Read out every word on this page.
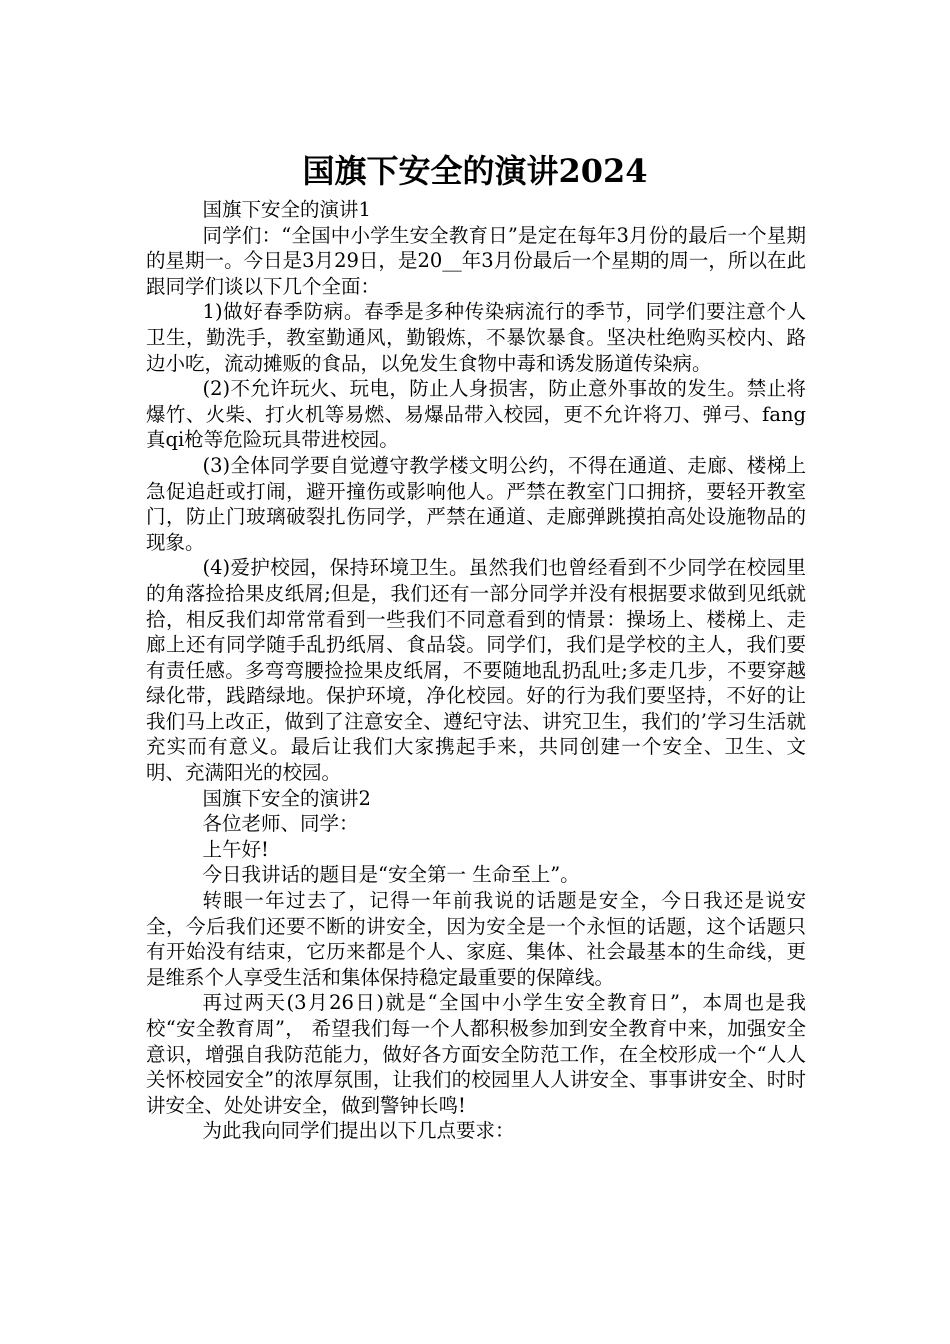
国旗下安全的演讲2024

国旗下安全的演讲1

同学们：“全国中小学生安全教育日”是定在每年3月份的最后一个星期的星期一。今日是3月29日，是20__年3月份最后一个星期的周一，所以在此跟同学们谈以下几个全面：

1)做好春季防病。春季是多种传染病流行的季节，同学们要注意个人卫生，勤洗手，教室勤通风，勤锻炼，不暴饮暴食。坚决杜绝购买校内、路边小吃，流动摊贩的食品，以免发生食物中毒和诱发肠道传染病。

(2)不允许玩火、玩电，防止人身损害，防止意外事故的发生。禁止将爆竹、火柴、打火机等易燃、易爆品带入校园，更不允许将刀、弹弓、fang真qi枪等危险玩具带进校园。

(3)全体同学要自觉遵守教学楼文明公约，不得在通道、走廊、楼梯上急促追赶或打闹，避开撞伤或影响他人。严禁在教室门口拥挤，要轻开教室门，防止门玻璃破裂扎伤同学，严禁在通道、走廊弹跳摸拍高处设施物品的现象。

(4)爱护校园，保持环境卫生。虽然我们也曾经看到不少同学在校园里的角落捡拾果皮纸屑;但是，我们还有一部分同学并没有根据要求做到见纸就拾，相反我们却常常看到一些我们不同意看到的情景：操场上、楼梯上、走廊上还有同学随手乱扔纸屑、食品袋。同学们，我们是学校的主人，我们要有责任感。多弯弯腰捡捡果皮纸屑，不要随地乱扔乱吐;多走几步，不要穿越绿化带，践踏绿地。保护环境，净化校园。好的行为我们要坚持，不好的让我们马上改正，做到了注意安全、遵纪守法、讲究卫生，我们的’学习生活就充实而有意义。最后让我们大家携起手来，共同创建一个安全、卫生、文明、充满阳光的校园。

国旗下安全的演讲2

各位老师、同学：

上午好!

今日我讲话的题目是“安全第一 生命至上”。

转眼一年过去了，记得一年前我说的话题是安全，今日我还是说安全，今后我们还要不断的讲安全，因为安全是一个永恒的话题，这个话题只有开始没有结束，它历来都是个人、家庭、集体、社会最基本的生命线，更是维系个人享受生活和集体保持稳定最重要的保障线。

再过两天(3月26日)就是“全国中小学生安全教育日”，本周也是我校“安全教育周”， 希望我们每一个人都积极参加到安全教育中来，加强安全意识，增强自我防范能力，做好各方面安全防范工作，在全校形成一个“人人关怀校园安全”的浓厚氛围，让我们的校园里人人讲安全、事事讲安全、时时讲安全、处处讲安全，做到警钟长鸣!

为此我向同学们提出以下几点要求：
